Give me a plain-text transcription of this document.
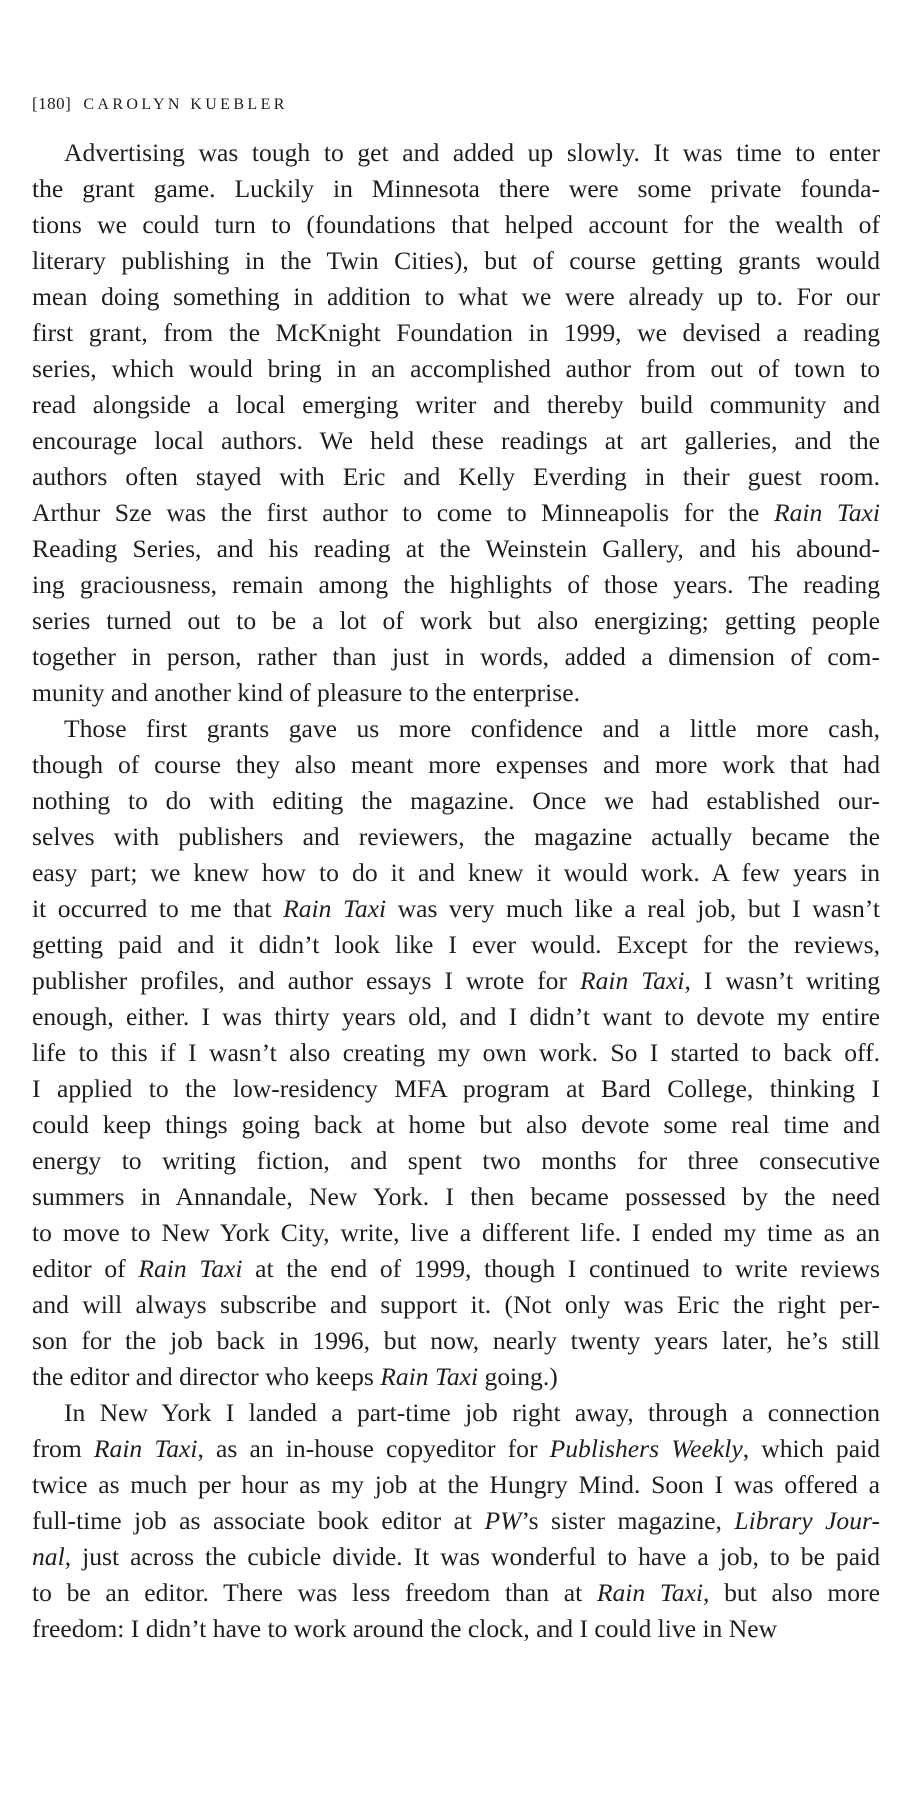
[180] CAROLYN KUEBLER
Advertising was tough to get and added up slowly. It was time to enter
the grant game. Luckily in Minnesota there were some private founda-
tions we could turn to (foundations that helped account for the wealth of
literary publishing in the Twin Cities), but of course getting grants would
mean doing something in addition to what we were already up to. For our
first grant, from the McKnight Foundation in 1999, we devised a reading
series, which would bring in an accomplished author from out of town to
read alongside a local emerging writer and thereby build community and
encourage local authors. We held these readings at art galleries, and the
authors often stayed with Eric and Kelly Everding in their guest room.
Arthur Sze was the first author to come to Minneapolis for the Rain Taxi
Reading Series, and his reading at the Weinstein Gallery, and his abound-
ing graciousness, remain among the highlights of those years. The reading
series turned out to be a lot of work but also energizing; getting people
together in person, rather than just in words, added a dimension of com-
munity and another kind of pleasure to the enterprise.
Those first grants gave us more confidence and a little more cash,
though of course they also meant more expenses and more work that had
nothing to do with editing the magazine. Once we had established our-
selves with publishers and reviewers, the magazine actually became the
easy part; we knew how to do it and knew it would work. A few years in
it occurred to me that Rain Taxi was very much like a real job, but I wasn’t
getting paid and it didn’t look like I ever would. Except for the reviews,
publisher profiles, and author essays I wrote for Rain Taxi, I wasn’t writing
enough, either. I was thirty years old, and I didn’t want to devote my entire
life to this if I wasn’t also creating my own work. So I started to back off.
I applied to the low-residency MFA program at Bard College, thinking I
could keep things going back at home but also devote some real time and
energy to writing fiction, and spent two months for three consecutive
summers in Annandale, New York. I then became possessed by the need
to move to New York City, write, live a different life. I ended my time as an
editor of Rain Taxi at the end of 1999, though I continued to write reviews
and will always subscribe and support it. (Not only was Eric the right per-
son for the job back in 1996, but now, nearly twenty years later, he’s still
the editor and director who keeps Rain Taxi going.)
In New York I landed a part-time job right away, through a connection
from Rain Taxi, as an in-house copyeditor for Publishers Weekly, which paid
twice as much per hour as my job at the Hungry Mind. Soon I was offered a
full-time job as associate book editor at PW’s sister magazine, Library Jour-
nal, just across the cubicle divide. It was wonderful to have a job, to be paid
to be an editor. There was less freedom than at Rain Taxi, but also more
freedom: I didn’t have to work around the clock, and I could live in New
